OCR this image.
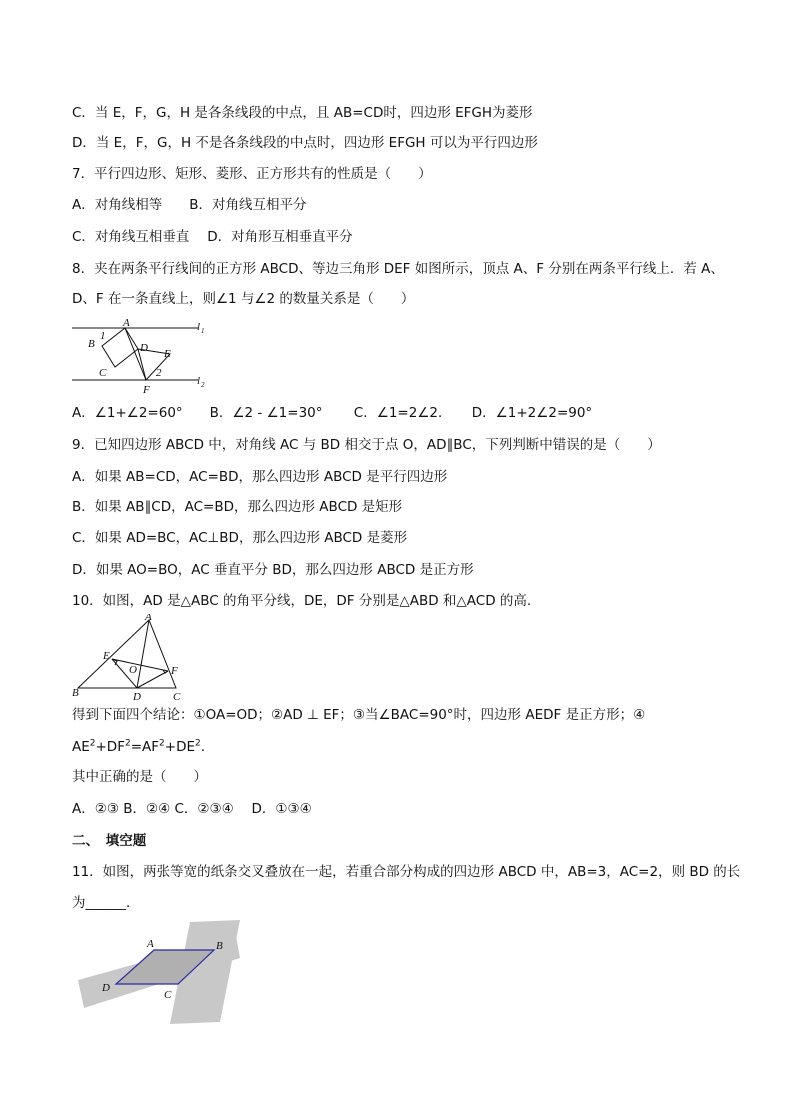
C．当 E，F，G，H 是各条线段的中点，且 AB=CD时，四边形 EFGH为菱形
D．当 E，F，G，H 不是各条线段的中点时，四边形 EFGH 可以为平行四边形
7．平行四边形、矩形、菱形、正方形共有的性质是（　　）
A．对角线相等　　B．对角线互相平分
C．对角线互相垂直　 D．对角形互相垂直平分
8．夹在两条平行线间的正方形 ABCD、等边三角形 DEF 如图所示，顶点 A、F 分别在两条平行线上．若 A、
D、F 在一条直线上，则∠1 与∠2 的数量关系是（　　）
A
B
C
D E
F
1
2
l 1
l 2
A．∠1+∠2=60°　　B．∠2 - ∠1=30°　　 C．∠1=2∠2．　　D．∠1+2∠2=90°
9．已知四边形 ABCD 中，对角线 AC 与 BD 相交于点 O，AD∥BC，下列判断中错误的是（　　）
A．如果 AB=CD，AC=BD，那么四边形 ABCD 是平行四边形
B．如果 AB∥CD，AC=BD，那么四边形 ABCD 是矩形
C．如果 AD=BC，AC⊥BD，那么四边形 ABCD 是菱形
D．如果 AO=BO，AC 垂直平分 BD，那么四边形 ABCD 是正方形
10．如图，AD 是△ABC 的角平分线，DE，DF 分别是△ABD 和△ACD 的高.
A
B	C
D
E
F
O
得到下面四个结论：①OA=OD；②AD ⊥ EF；③当∠BAC=90°时，四边形 AEDF 是正方形；④
$AE^2+DF^2=AF^2+DE^2$.
其中正确的是（　　）
A．②③ B．②④ C．②③④　 D．①③④
二、　填空题
11．如图，两张等宽的纸条交叉叠放在一起，若重合部分构成的四边形 ABCD 中，AB=3，AC=2，则 BD 的长
为______．
A	B
C
D
